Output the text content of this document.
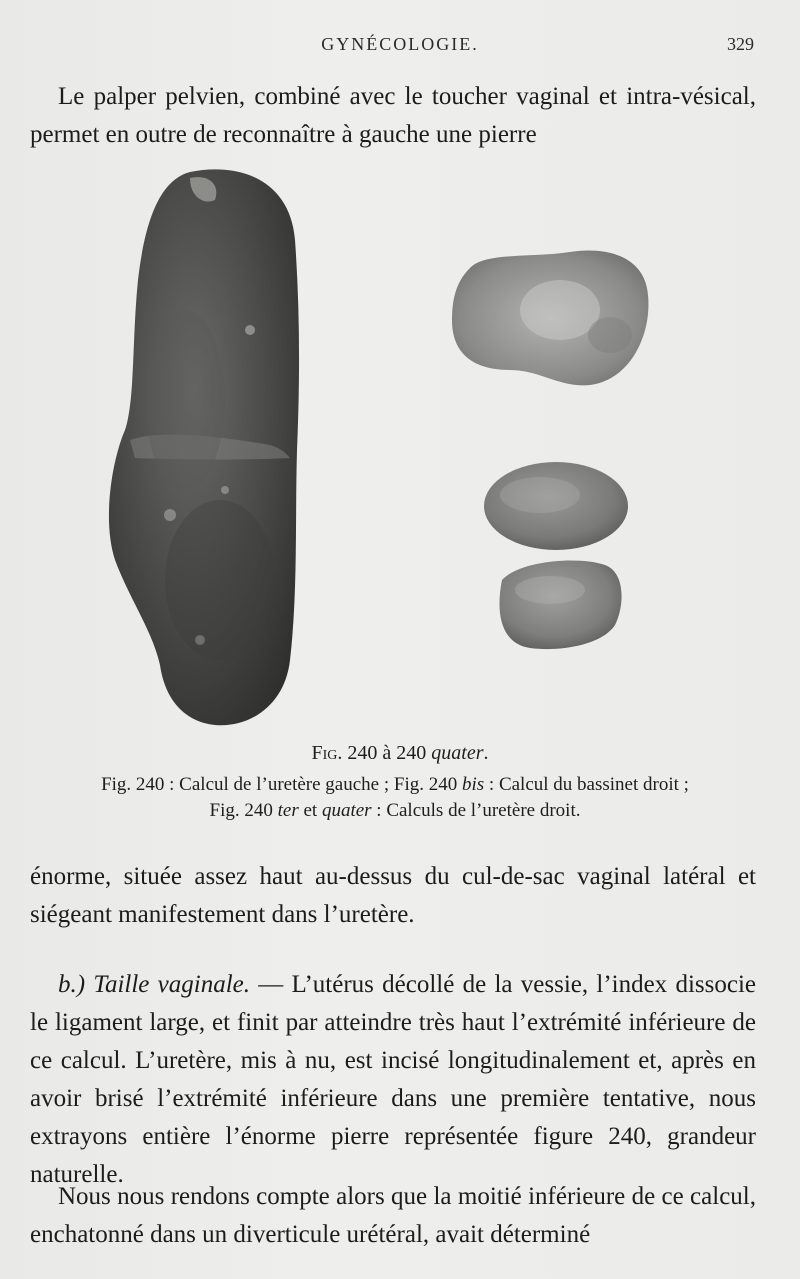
GYNÉCOLOGIE.	329

Le palper pelvien, combiné avec le toucher vaginal et intra-vésical, permet en outre de reconnaître à gauche une pierre

Fig. 240 à 240 quater.
Fig. 240 : Calcul de l’uretère gauche ; Fig. 240 bis : Calcul du bassinet droit ;
Fig. 240 ter et quater : Calculs de l’uretère droit.

énorme, située assez haut au-dessus du cul-de-sac vaginal latéral et siégeant manifestement dans l’uretère.

b.) Taille vaginale. — L’utérus décollé de la vessie, l’index dissocie le ligament large, et finit par atteindre très haut l’extrémité inférieure de ce calcul. L’uretère, mis à nu, est incisé longitudinalement et, après en avoir brisé l’extrémité inférieure dans une première tentative, nous extrayons entière l’énorme pierre représentée figure 240, grandeur naturelle.

Nous nous rendons compte alors que la moitié inférieure de ce calcul, enchatonné dans un diverticule urétéral, avait déterminé
